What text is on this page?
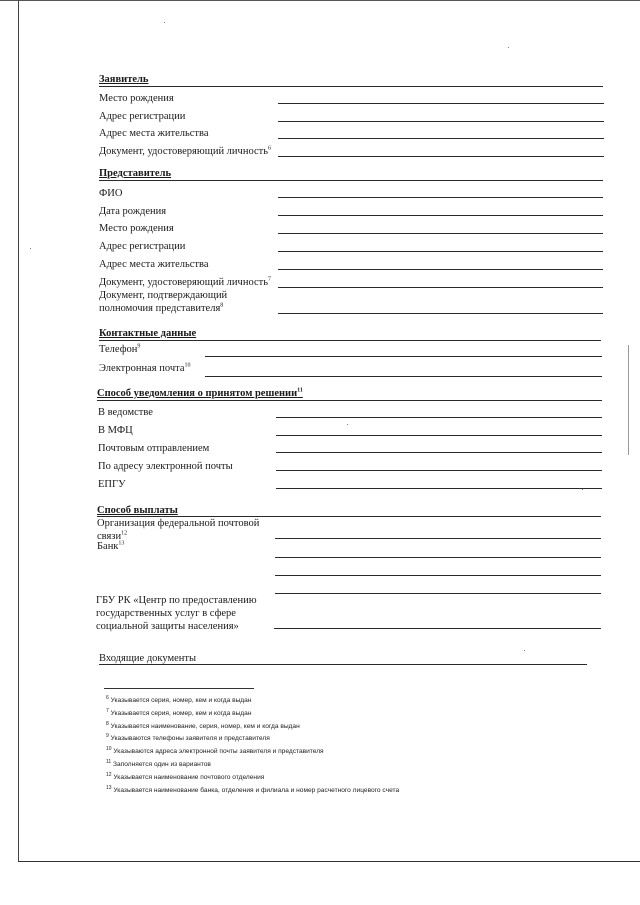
Заявитель
Место рождения
Адрес регистрации
Адрес места жительства
Документ, удостоверяющий личность$^6$
Представитель
ФИО
Дата рождения
Место рождения
Адрес регистрации
Адрес места жительства
Документ, удостоверяющий личность$^7$
Документ, подтверждающий
полномочия представителя$^8$
Контактные данные
Телефон$^9$
Электронная почта$^{10}$
Способ уведомления о принятом решении$^{11}$
В ведомстве
В МФЦ
Почтовым отправлением
По адресу электронной почты
ЕПГУ
Способ выплаты
Организация федеральной почтовой
связи$^{12}$
Банк$^{13}$
ГБУ РК «Центр по предоставлению
государственных услуг в сфере
социальной защиты населения»
Входящие документы
$^6$ Указывается серия, номер, кем и когда выдан
$^7$ Указывается серия, номер, кем и когда выдан
$^8$ Указывается наименование, серия, номер, кем и когда выдан
$^9$ Указываются телефоны заявителя и представителя
$^{10}$ Указываются адреса электронной почты заявителя и представителя
$^{11}$ Заполняется один из вариантов
$^{12}$ Указывается наименование почтового отделения
$^{13}$ Указывается наименование банка, отделения и филиала и номер расчетного лицевого счета
